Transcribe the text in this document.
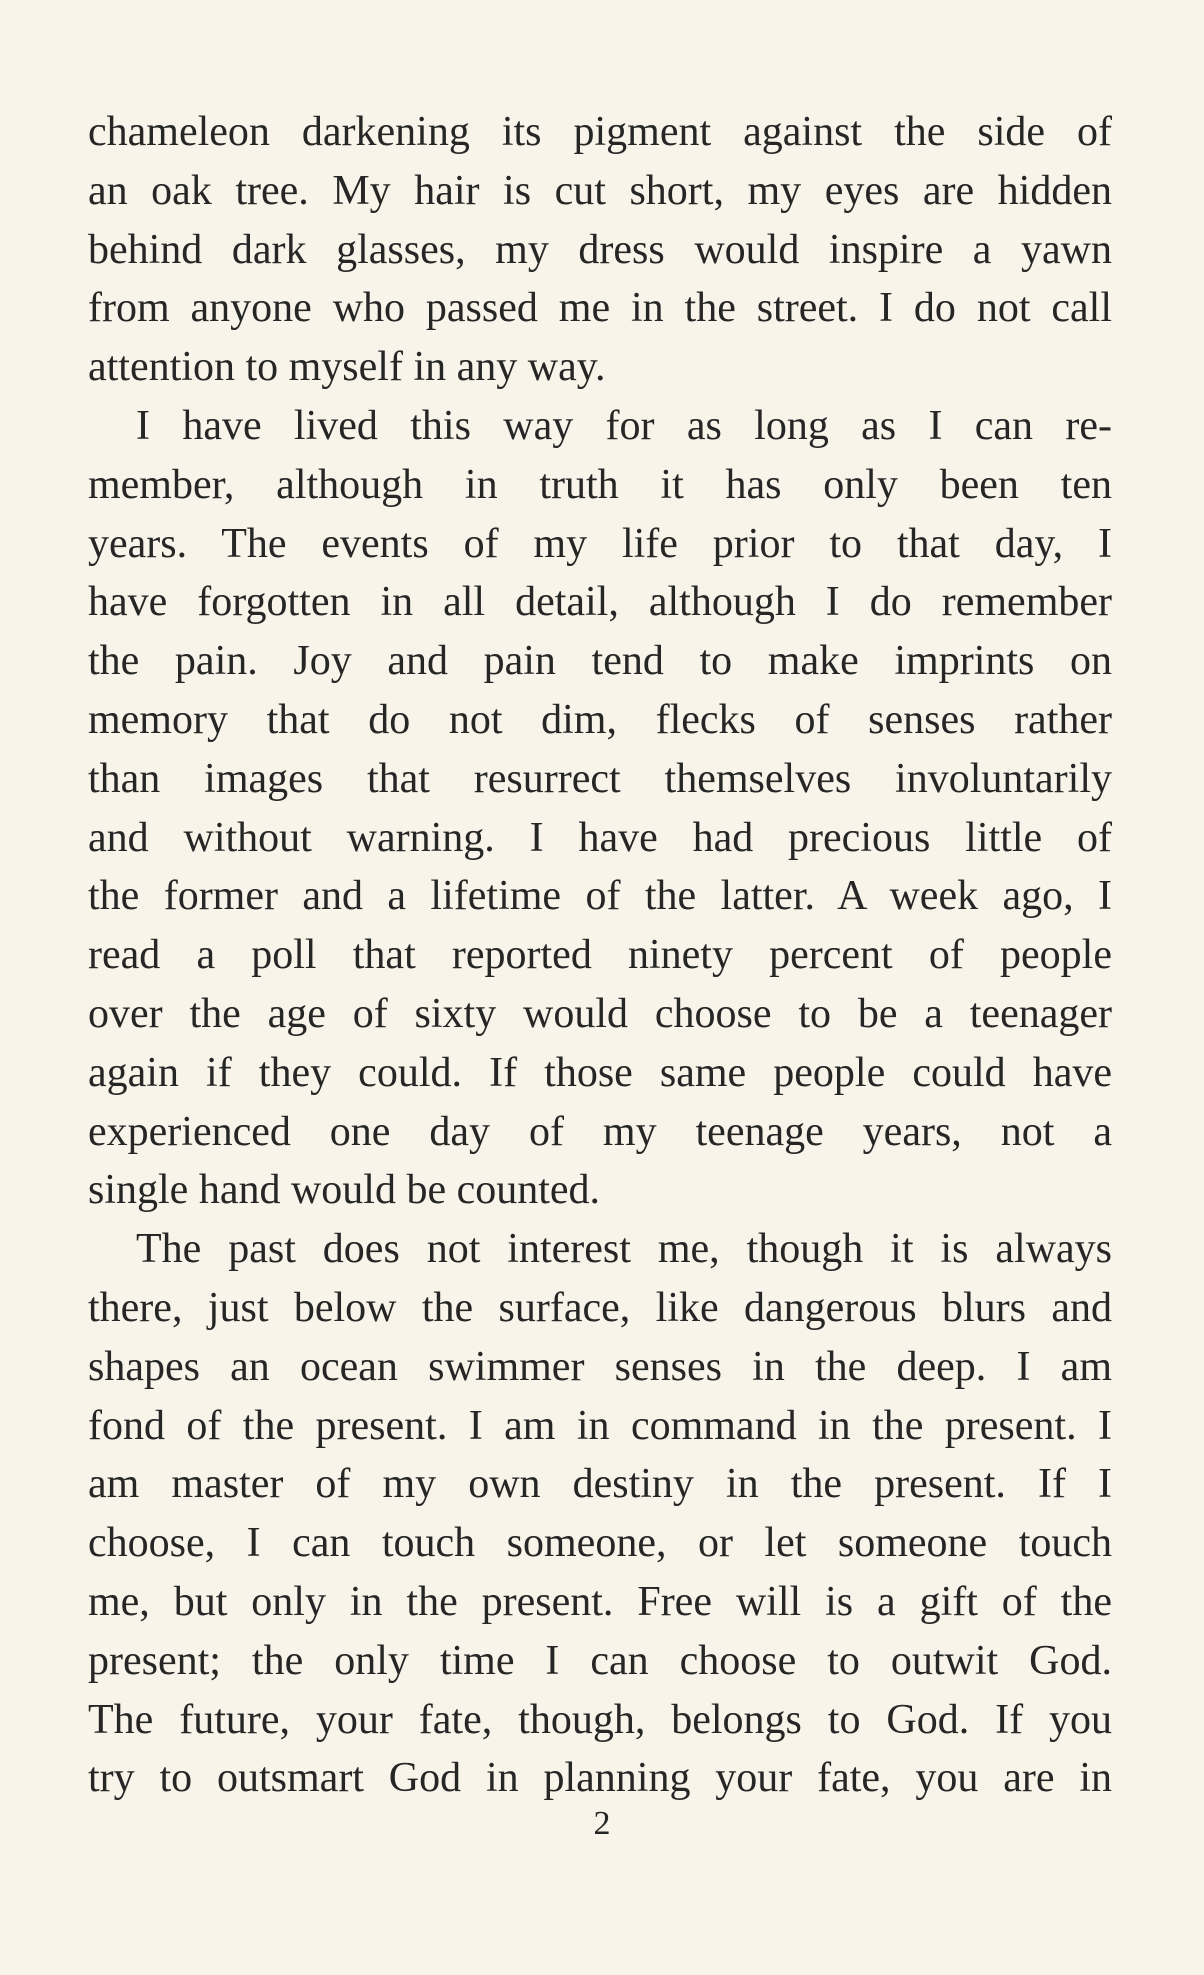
chameleon darkening its pigment against the side of
an oak tree. My hair is cut short, my eyes are hidden
behind dark glasses, my dress would inspire a yawn
from anyone who passed me in the street. I do not call
attention to myself in any way.
I have lived this way for as long as I can re-
member, although in truth it has only been ten
years. The events of my life prior to that day, I
have forgotten in all detail, although I do remember
the pain. Joy and pain tend to make imprints on
memory that do not dim, flecks of senses rather
than images that resurrect themselves involuntarily
and without warning. I have had precious little of
the former and a lifetime of the latter. A week ago, I
read a poll that reported ninety percent of people
over the age of sixty would choose to be a teenager
again if they could. If those same people could have
experienced one day of my teenage years, not a
single hand would be counted.
The past does not interest me, though it is always
there, just below the surface, like dangerous blurs and
shapes an ocean swimmer senses in the deep. I am
fond of the present. I am in command in the present. I
am master of my own destiny in the present. If I
choose, I can touch someone, or let someone touch
me, but only in the present. Free will is a gift of the
present; the only time I can choose to outwit God.
The future, your fate, though, belongs to God. If you
try to outsmart God in planning your fate, you are in
2
